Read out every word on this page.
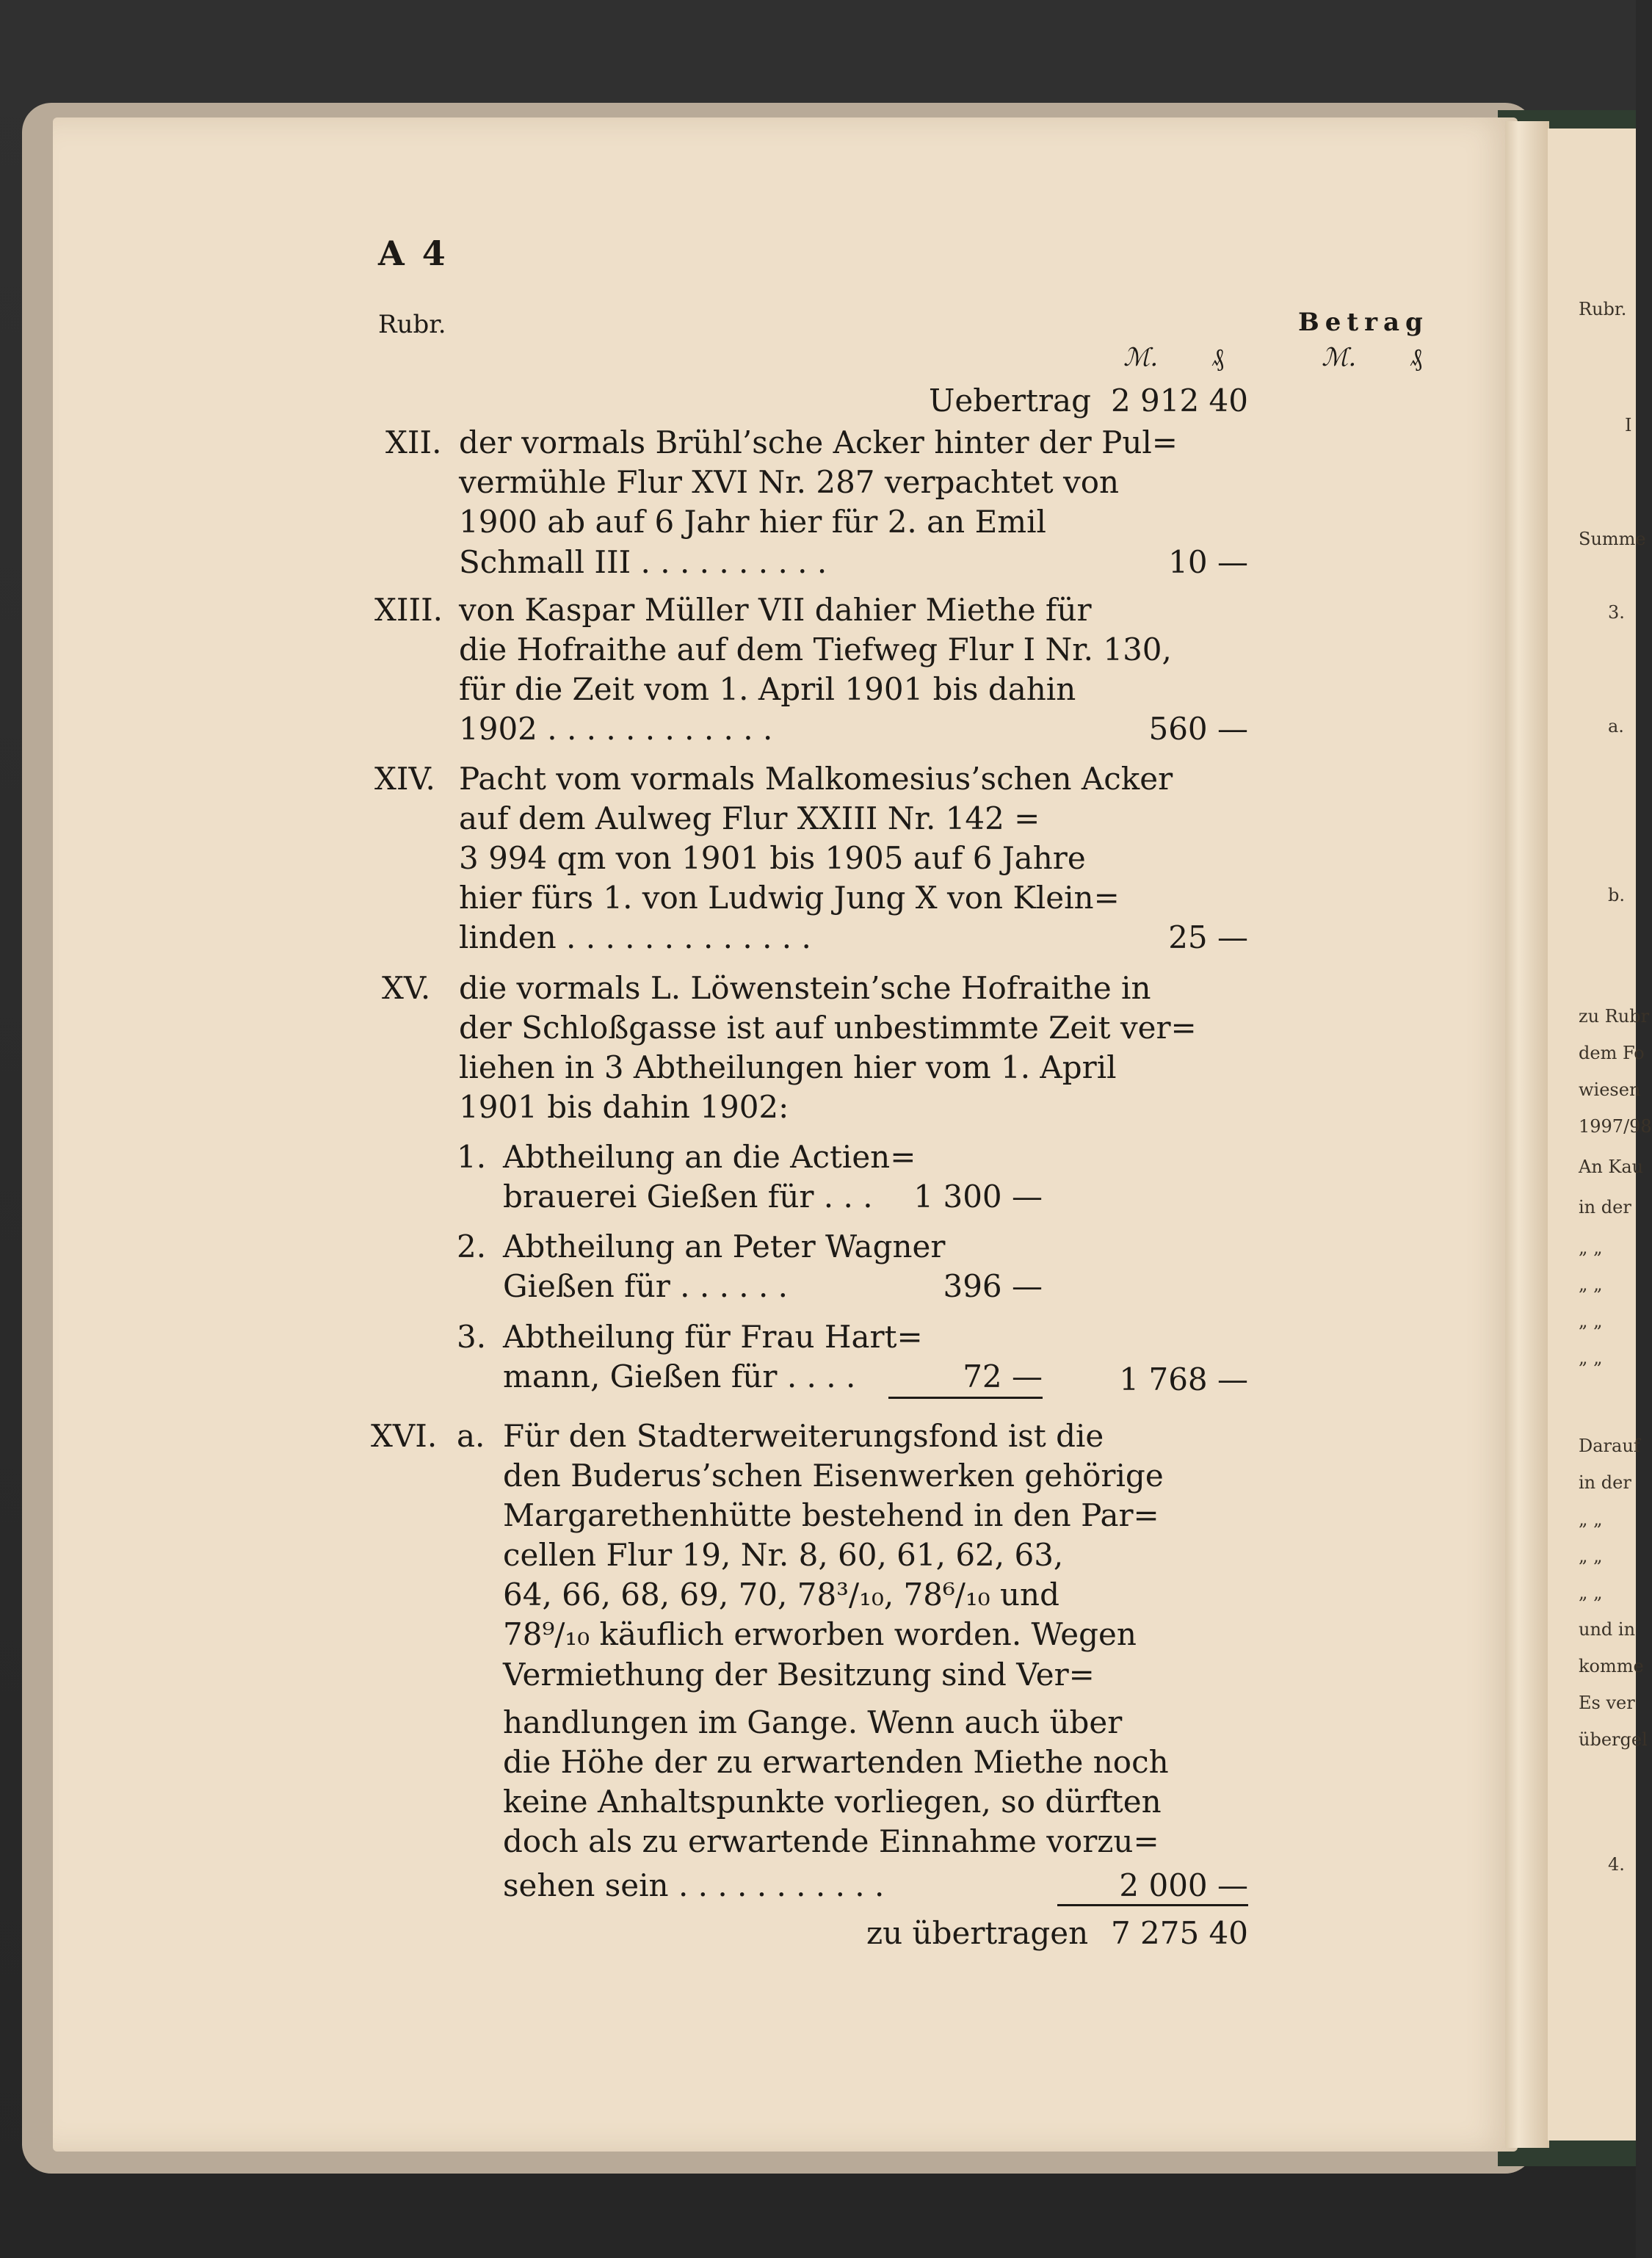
Rubr.
I
Summe
3.
a.
b.
zu Rubr
dem Fo
wiesen
1997/98
An Kau
in der
„ „
„ „
„ „
„ „
Darauf
in der
„ „
„ „
„ „
und in
komme
Es ver
übergel
4.
A 4
Rubr.	Betrag
ℳ. ₰	ℳ. ₰
Uebertrag 2 912 40
XII. der vormals Brühl’sche Acker hinter der Pul=
vermühle Flur XVI Nr. 287 verpachtet von
1900 ab auf 6 Jahr hier für 2. an Emil
Schmall III . . . . . . . . . .	10 —
XIII. von Kaspar Müller VII dahier Miethe für
die Hofraithe auf dem Tiefweg Flur I Nr. 130,
für die Zeit vom 1. April 1901 bis dahin
1902 . . . . . . . . . . . .	560 —
XIV. Pacht vom vormals Malkomesius’schen Acker
auf dem Aulweg Flur XXIII Nr. 142 =
3 994 qm von 1901 bis 1905 auf 6 Jahre
hier fürs 1. von Ludwig Jung X von Klein=
linden . . . . . . . . . . . . .	25 —
XV. die vormals L. Löwenstein’sche Hofraithe in
der Schloßgasse ist auf unbestimmte Zeit ver=
liehen in 3 Abtheilungen hier vom 1. April
1901 bis dahin 1902:
1. Abtheilung an die Actien=
brauerei Gießen für . . .	1 300 —
2. Abtheilung an Peter Wagner
Gießen für . . . . . .	396 —
3. Abtheilung für Frau Hart=
mann, Gießen für . . . .	72 —	1 768 —
XVI. a. Für den Stadterweiterungsfond ist die
den Buderus’schen Eisenwerken gehörige
Margarethenhütte bestehend in den Par=
cellen Flur 19, Nr. 8, 60, 61, 62, 63,
64, 66, 68, 69, 70, 78³/₁₀, 78⁶/₁₀ und
78⁹/₁₀ käuflich erworben worden. Wegen
Vermiethung der Besitzung sind Ver=
handlungen im Gange. Wenn auch über
die Höhe der zu erwartenden Miethe noch
keine Anhaltspunkte vorliegen, so dürften
doch als zu erwartende Einnahme vorzu=
sehen sein . . . . . . . . . . .	2 000 —
zu übertragen 7 275 40
